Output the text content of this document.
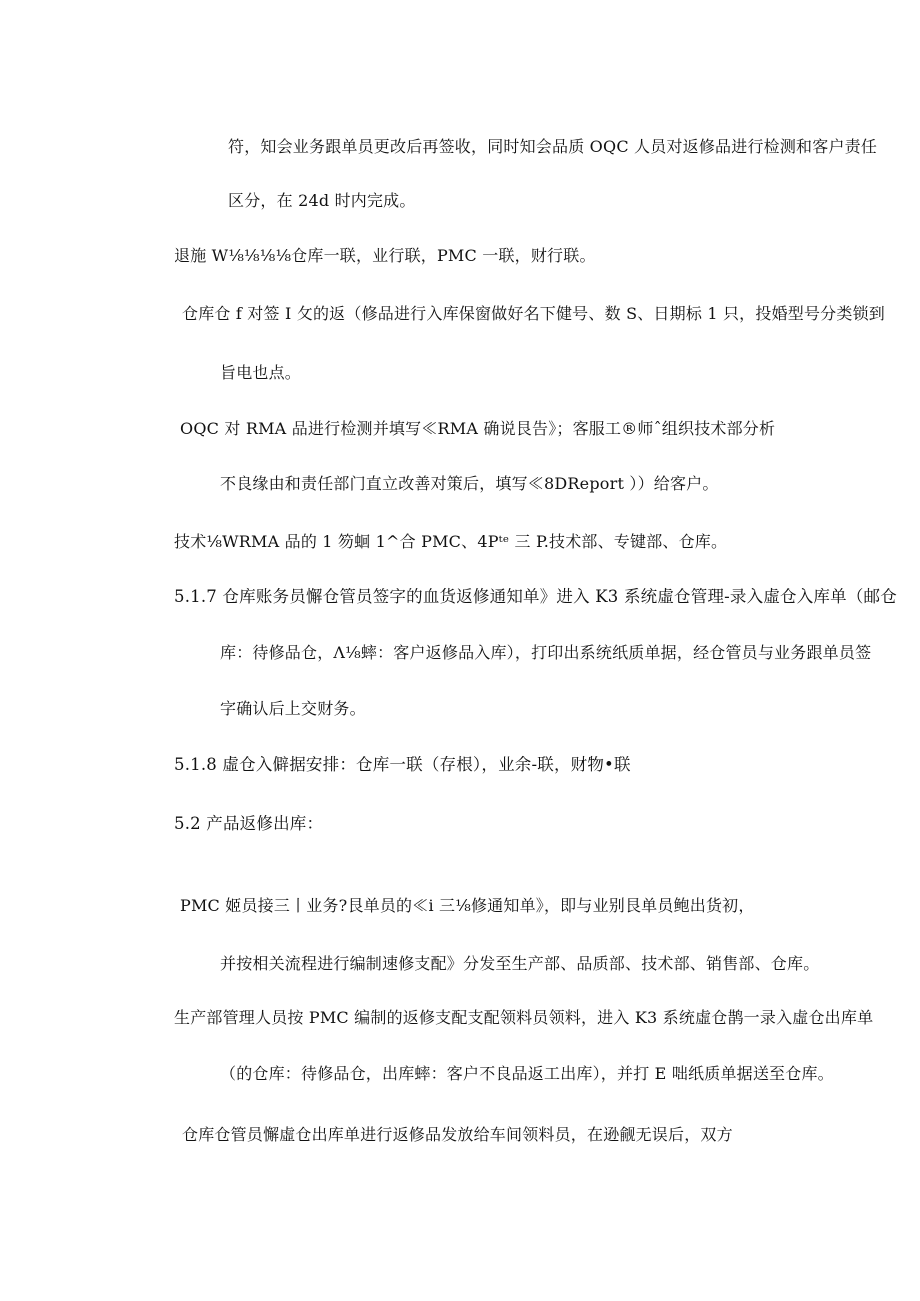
符，知会业务跟单员更改后再签收，同时知会品质 OQC 人员对返修品进行检测和客户责任
区分，在 24d 时内完成。
退施 W⅛⅛⅛⅛仓库一联，业行联，PMC 一联，财行联。
仓库仓 f 对签 I 攵的返（修品进行入库保窗做好名下健号、数 S、日期标 1 只，投婚型号分类锁到
旨电也点。
OQC 对 RMA 品进行检测并填写≪RMA 确说艮告》；客服工®师ˆ组织技术部分析
不良缘由和责任部门直立改善对策后，填写≪8DReport ））给客户。
技术⅛WRMA 品的 1 笏蛔 1^合 PMC、4Pᵗᵉ 三 P.技术部、专键部、仓库。
5.1.7 仓库账务员懈仓管员签字的血货返修通知单》进入 K3 系统虛仓管理-录入虛仓入库单（邮仓
库：待修品仓，Λ⅛蟀：客户返修品入库），打印出系统纸质单据，经仓管员与业务跟单员签
字确认后上交财务。
5.1.8 虛仓入僻据安排：仓库一联（存根），业余-联，财物•联
5.2 产品返修出库：
PMC 姬员接三丨业务?艮单员的≪i 三⅛修通知单》，即与业别艮单员鲍出货初，
并按相关流程进行编制速修支配》分发至生产部、品质部、技术部、销售部、仓库。
生产部管理人员按 PMC 编制的返修支配支配领料员领料，进入 K3 系统虛仓鹊一录入虛仓出库单
（的仓库：待修品仓，出库蟀：客户不良品返工出库），并打 E 咄纸质单据送至仓库。
仓库仓管员懈虛仓出库单进行返修品发放给车间领料员，在逊觎无误后，双方
